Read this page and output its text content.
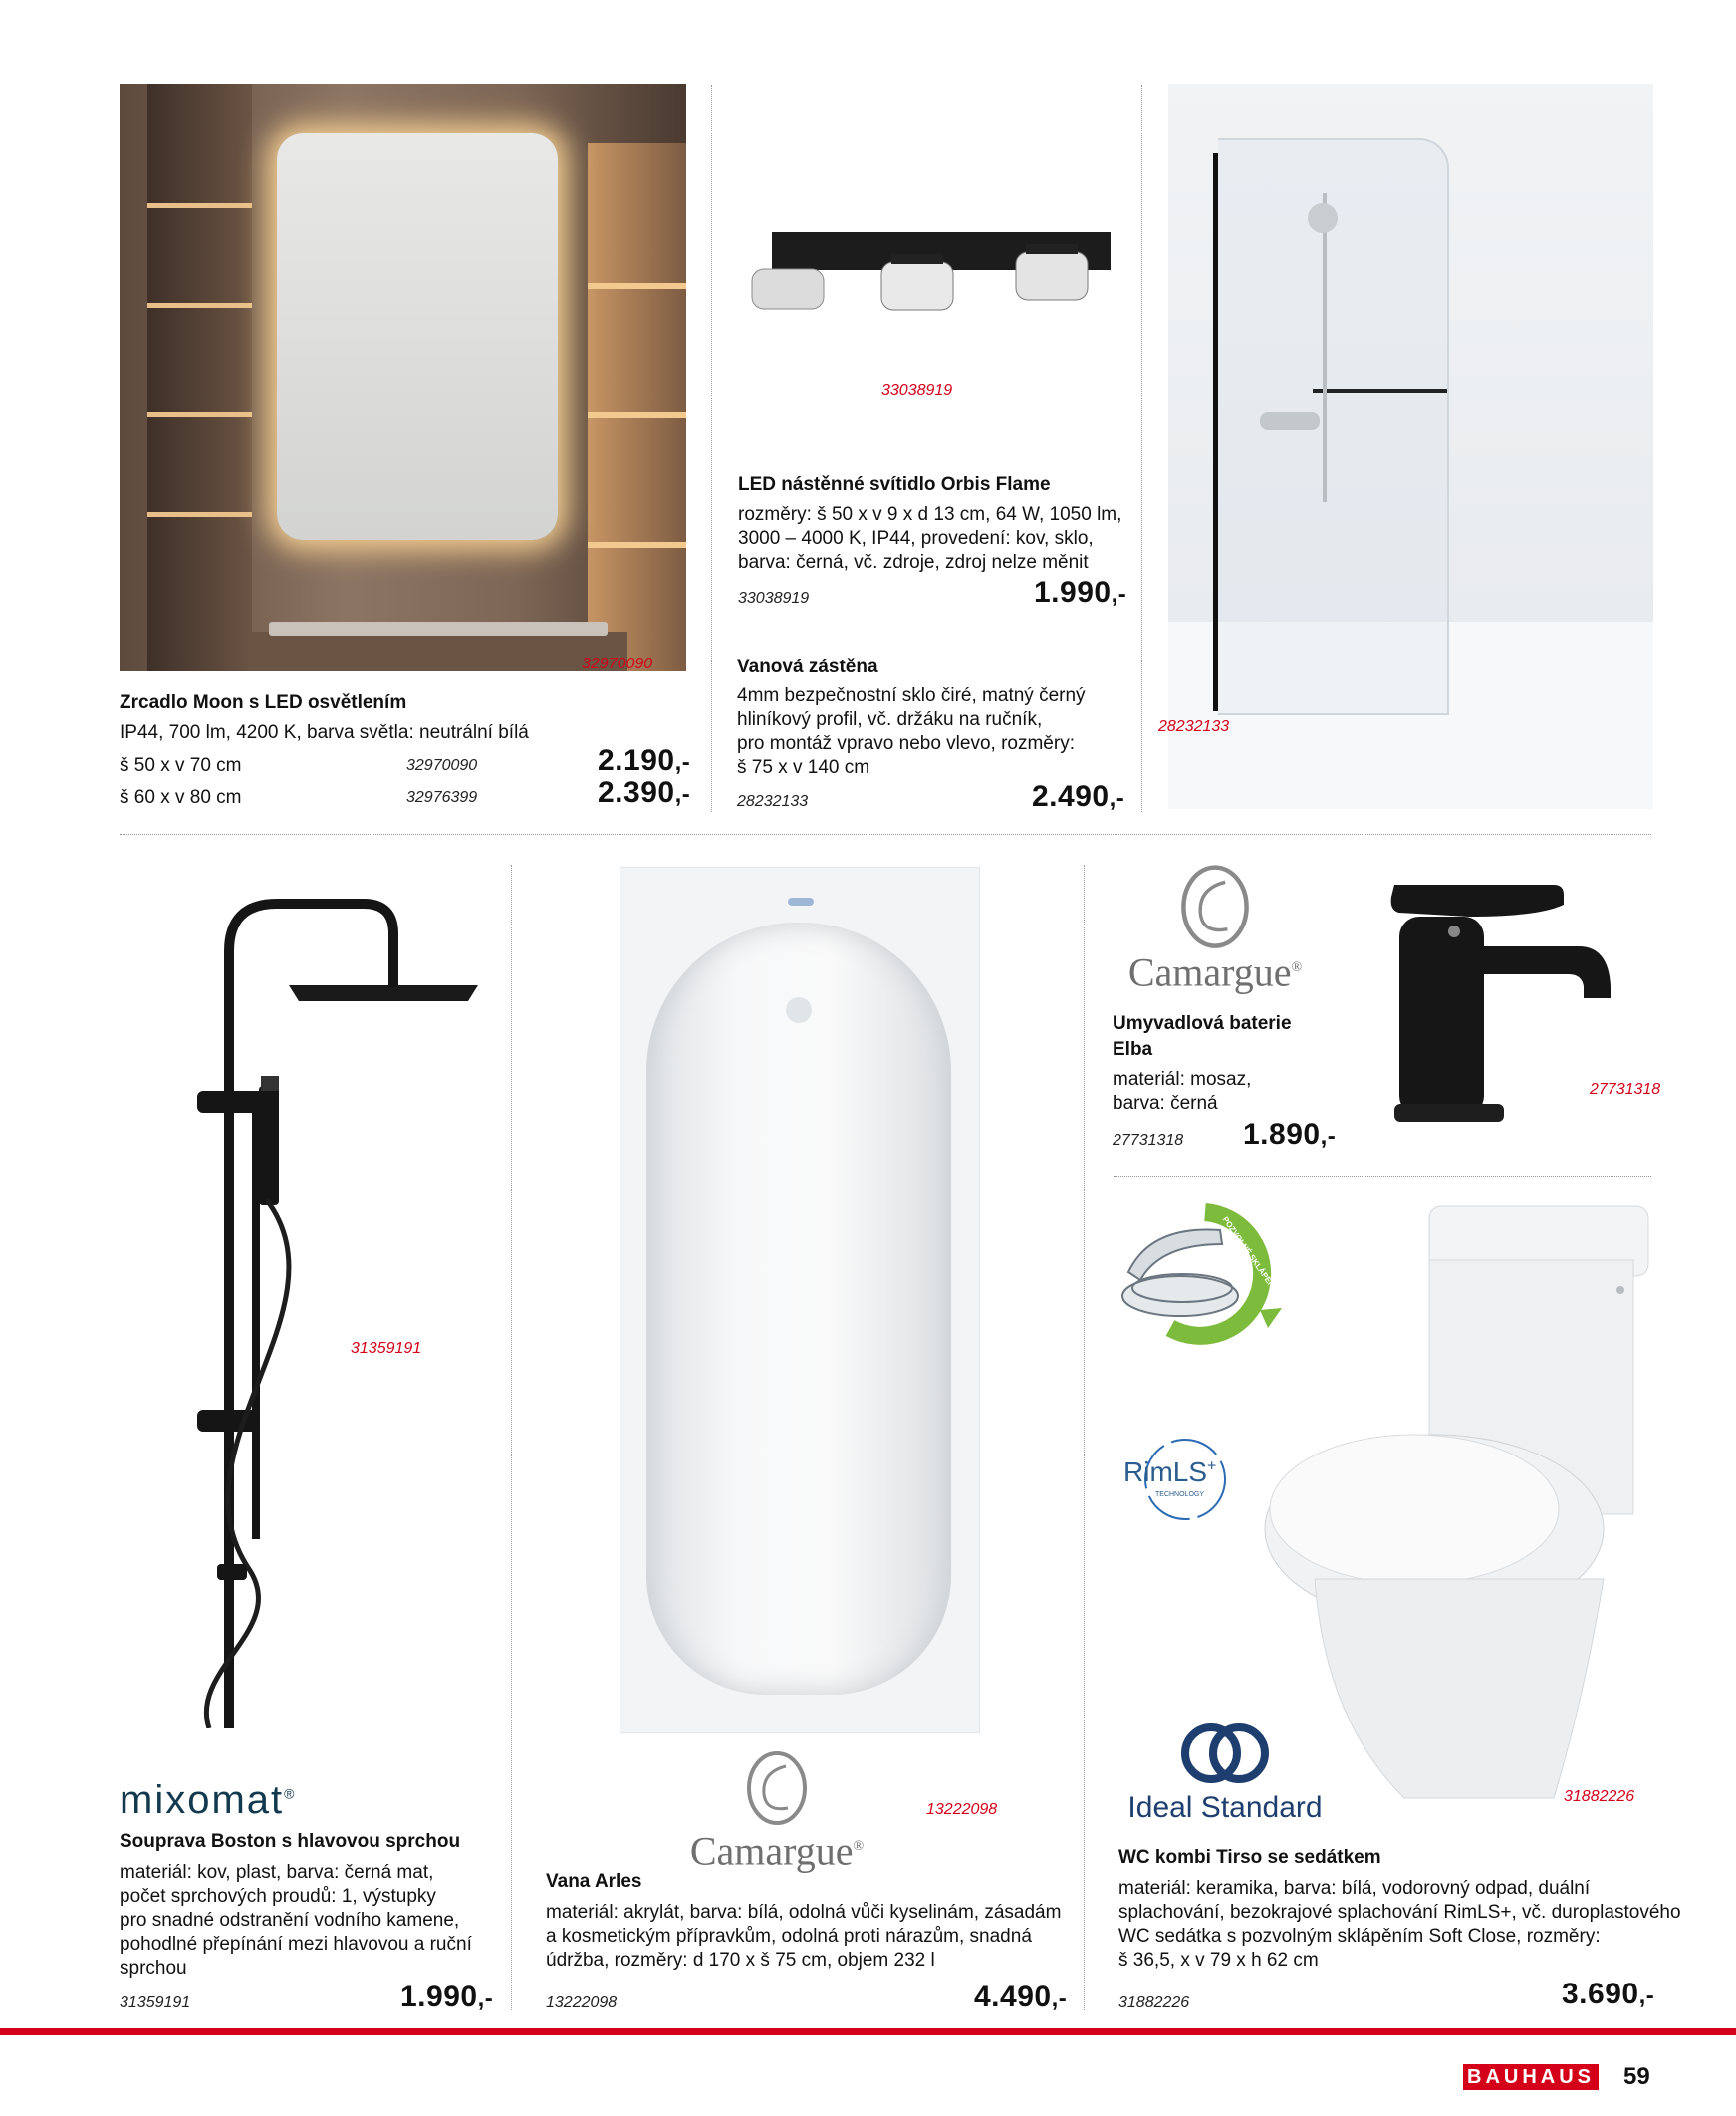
32970090
Zrcadlo Moon s LED osvětlením
IP44, 700 lm, 4200 K, barva světla: neutrální bílá
š 50 x v 70 cm	32970090	2.190,-
š 60 x v 80 cm	32976399	2.390,-
33038919
LED nástěnné svítidlo Orbis Flame
rozměry: š 50 x v 9 x d 13 cm, 64 W, 1050 lm,
3000 – 4000 K, IP44, provedení: kov, sklo,
barva: černá, vč. zdroje, zdroj nelze měnit
33038919	1.990,-
28232133
Vanová zástěna
4mm bezpečnostní sklo čiré, matný černý
hliníkový profil, vč. držáku na ručník,
pro montáž vpravo nebo vlevo, rozměry:
š 75 x v 140 cm
28232133	2.490,-
31359191
mixomat®
Souprava Boston s hlavovou sprchou
materiál: kov, plast, barva: černá mat,
počet sprchových proudů: 1, výstupky
pro snadné odstranění vodního kamene,
pohodlné přepínání mezi hlavovou a ruční
sprchou
31359191	1.990,-
13222098
Camargue®
Vana Arles
materiál: akrylát, barva: bílá, odolná vůči kyselinám, zásadám
a kosmetickým přípravkům, odolná proti nárazům, snadná
údržba, rozměry: d 170 x š 75 cm, objem 232 l
13222098	4.490,-
Camargue®
27731318
Umyvadlová baterie
Elba
materiál: mosaz,
barva: černá
27731318 1.890,-
POZVOLNÉ SKLÁPĚNÍ
RimLS+
TECHNOLOGY
31882226
Ideal Standard
WC kombi Tirso se sedátkem
materiál: keramika, barva: bílá, vodorovný odpad, duální
splachování, bezokrajové splachování RimLS+, vč. duroplastového
WC sedátka s pozvolným sklápěním Soft Close, rozměry:
š 36,5, x v 79 x h 62 cm
31882226	3.690,-
BAUHAUS 59
